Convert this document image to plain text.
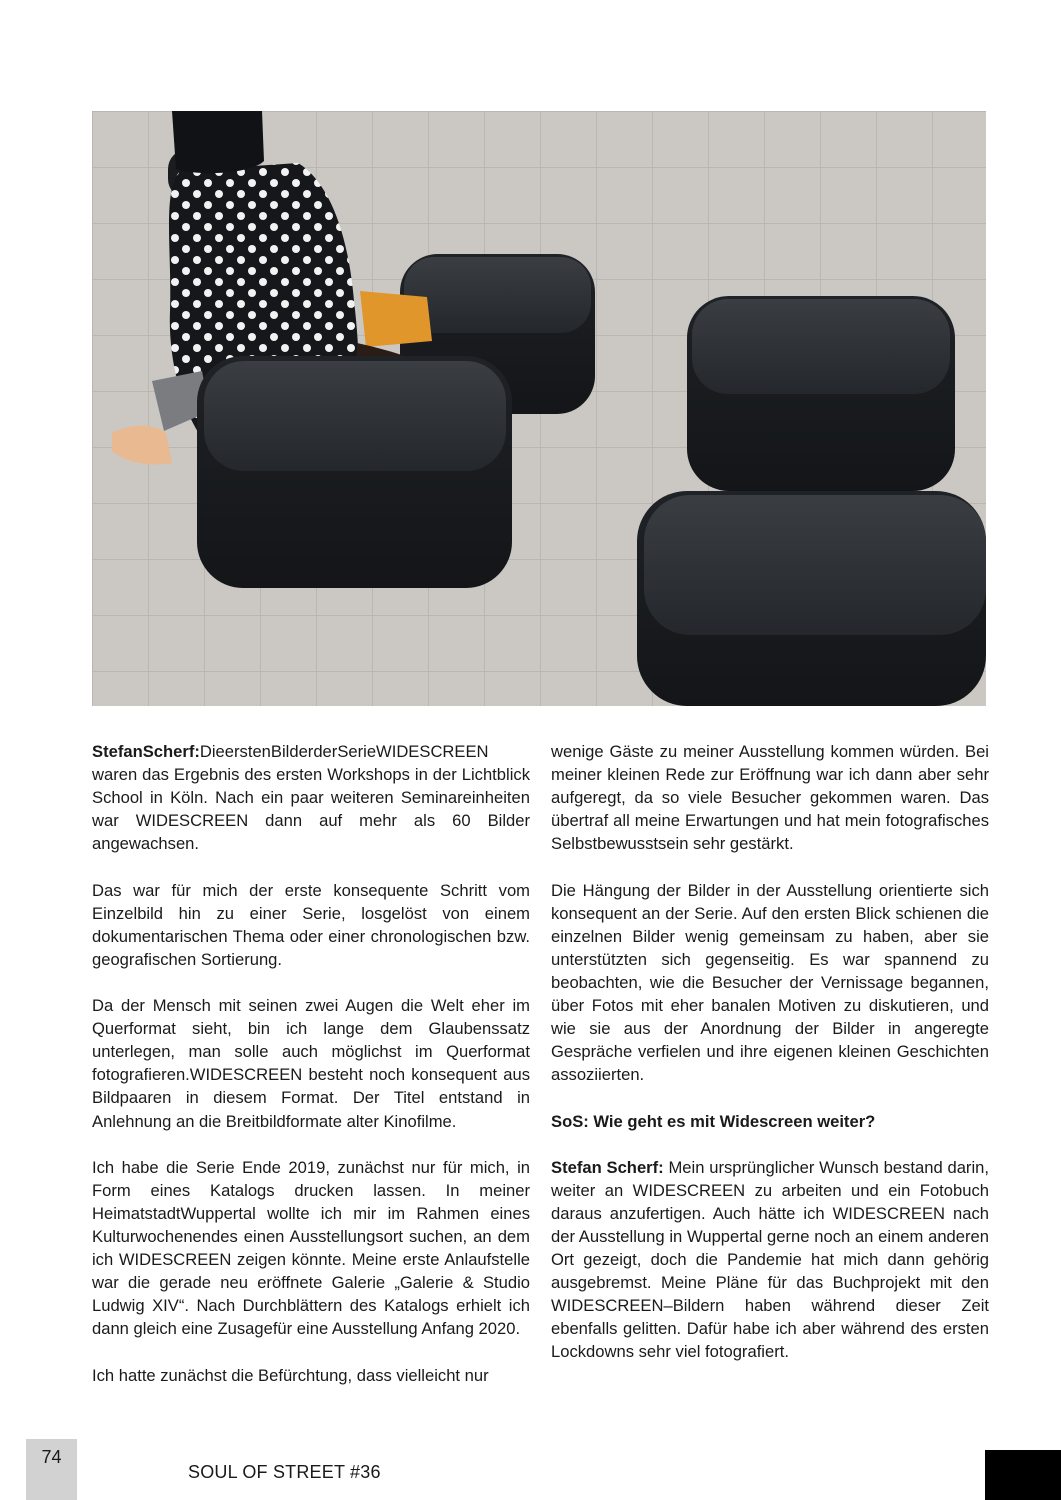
StefanScherf:DieerstenBilderderSerieWIDESCREEN waren das Ergebnis des ersten Workshops in der Lichtblick School in Köln. Nach ein paar weiteren Seminareinheiten war WIDESCREEN dann auf mehr als 60 Bilder angewachsen.

Das war für mich der erste konsequente Schritt vom Einzelbild hin zu einer Serie, losgelöst von einem dokumentarischen Thema oder einer chronologischen bzw. geografischen Sortierung.

Da der Mensch mit seinen zwei Augen die Welt eher im Querformat sieht, bin ich lange dem Glaubenssatz unterlegen, man solle auch möglichst im Querformat fotografieren.WIDESCREEN besteht noch konsequent aus Bildpaaren in diesem Format. Der Titel entstand in Anlehnung an die Breitbildformate alter Kinofilme.

Ich habe die Serie Ende 2019, zunächst nur für mich, in Form eines Katalogs drucken lassen. In meiner HeimatstadtWuppertal wollte ich mir im Rahmen eines Kulturwochenendes einen Ausstellungsort suchen, an dem ich WIDESCREEN zeigen könnte. Meine erste Anlaufstelle war die gerade neu eröffnete Galerie „Galerie & Studio Ludwig XIV“. Nach Durchblättern des Katalogs erhielt ich dann gleich eine Zusagefür eine Ausstellung Anfang 2020.

Ich hatte zunächst die Befürchtung, dass vielleicht nur

wenige Gäste zu meiner Ausstellung kommen würden. Bei meiner kleinen Rede zur Eröffnung war ich dann aber sehr aufgeregt, da so viele Besucher gekommen waren. Das übertraf all meine Erwartungen und hat mein fotografisches Selbstbewusstsein sehr gestärkt.

Die Hängung der Bilder in der Ausstellung orientierte sich konsequent an der Serie. Auf den ersten Blick schienen die einzelnen Bilder wenig gemeinsam zu haben, aber sie unterstützten sich gegenseitig. Es war spannend zu beobachten, wie die Besucher der Vernissage begannen, über Fotos mit eher banalen Motiven zu diskutieren, und wie sie aus der Anordnung der Bilder in angeregte Gespräche verfielen und ihre eigenen kleinen Geschichten assoziierten.

SoS: Wie geht es mit Widescreen weiter?

Stefan Scherf: Mein ursprünglicher Wunsch bestand darin, weiter an WIDESCREEN zu arbeiten und ein Fotobuch daraus anzufertigen. Auch hätte ich WIDESCREEN nach der Ausstellung in Wuppertal gerne noch an einem anderen Ort gezeigt, doch die Pandemie hat mich dann gehörig ausgebremst. Meine Pläne für das Buchprojekt mit den WIDESCREEN–Bildern haben während dieser Zeit ebenfalls gelitten. Dafür habe ich aber während des ersten Lockdowns sehr viel fotografiert.

74
SOUL OF STREET #36
